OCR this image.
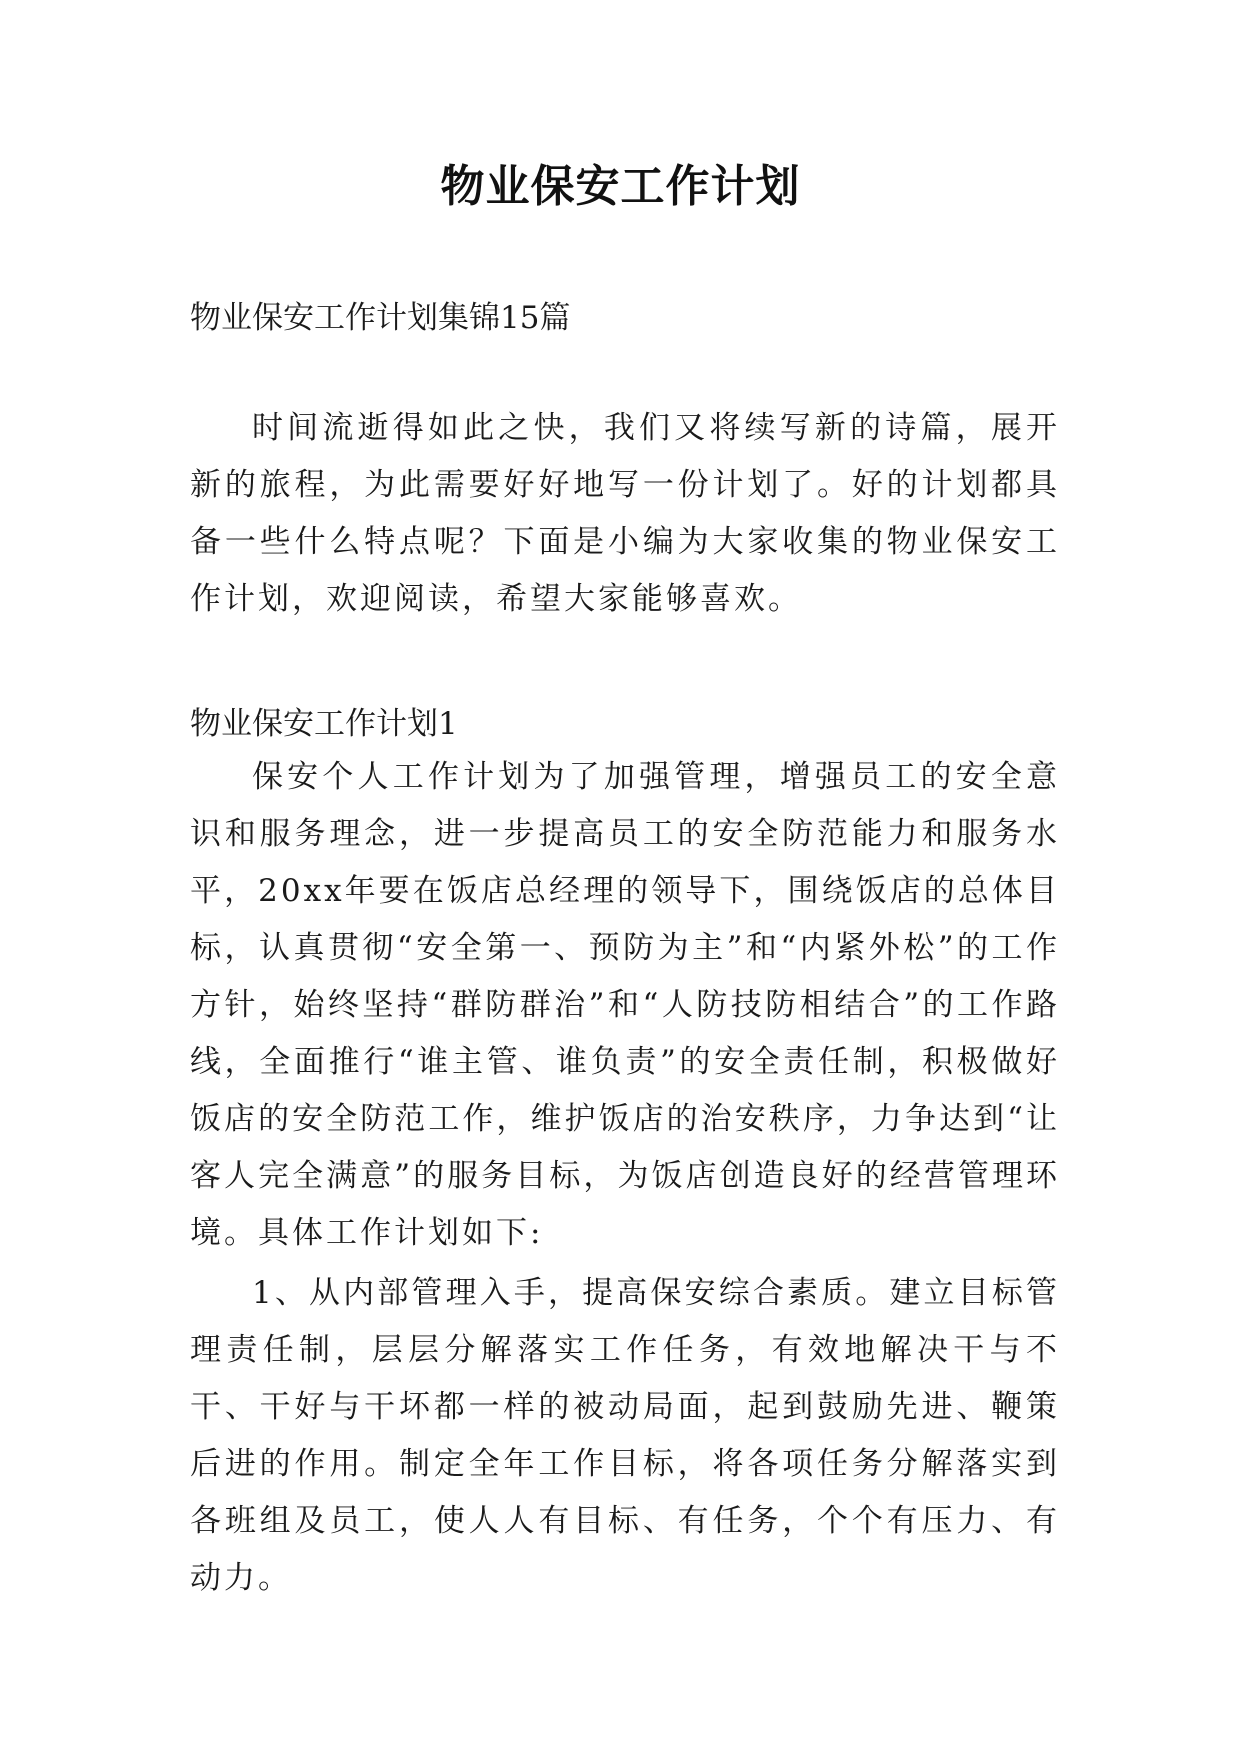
物业保安工作计划

物业保安工作计划集锦15篇

时间流逝得如此之快，我们又将续写新的诗篇，展开新的旅程，为此需要好好地写一份计划了。好的计划都具备一些什么特点呢？下面是小编为大家收集的物业保安工作计划，欢迎阅读，希望大家能够喜欢。

物业保安工作计划1

保安个人工作计划为了加强管理，增强员工的安全意识和服务理念，进一步提高员工的安全防范能力和服务水平，20xx年要在饭店总经理的领导下，围绕饭店的总体目标，认真贯彻“安全第一、预防为主”和“内紧外松”的工作方针，始终坚持“群防群治”和“人防技防相结合”的工作路线，全面推行“谁主管、谁负责”的安全责任制，积极做好饭店的安全防范工作，维护饭店的治安秩序，力争达到“让客人完全满意”的服务目标，为饭店创造良好的经营管理环境。具体工作计划如下:

1、从内部管理入手，提高保安综合素质。建立目标管理责任制，层层分解落实工作任务，有效地解决干与不干、干好与干坏都一样的被动局面，起到鼓励先进、鞭策后进的作用。制定全年工作目标，将各项任务分解落实到各班组及员工，使人人有目标、有任务，个个有压力、有动力。
